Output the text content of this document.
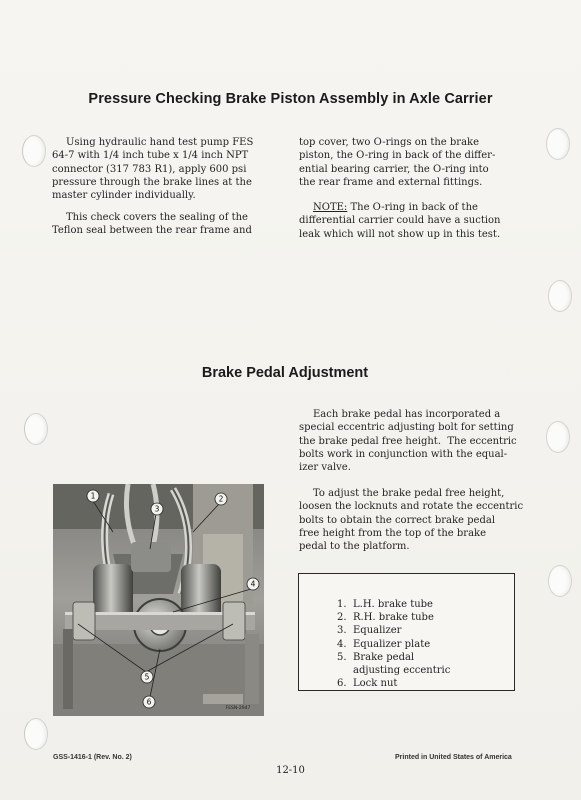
Pressure Checking Brake Piston Assembly in Axle Carrier

Using hydraulic hand test pump FES

64-7 with 1/4 inch tube x 1/4 inch NPT

connector (317 783 R1), apply 600 psi

pressure through the brake lines at the

master cylinder individually.

This check covers the sealing of the

Teflon seal between the rear frame and

top cover, two O-rings on the brake

piston, the O-ring in back of the differ-

ential bearing carrier, the O-ring into

the rear frame and external fittings.

NOTE: The O-ring in back of the

differential carrier could have a suction

leak which will not show up in this test.

Brake Pedal Adjustment

Each brake pedal has incorporated a

special eccentric adjusting bolt for setting

the brake pedal free height.  The eccentric

bolts work in conjunction with the equal-

izer valve.

To adjust the brake pedal free height,

loosen the locknuts and rotate the eccentric

bolts to obtain the correct brake pedal

free height from the top of the brake

pedal to the platform.

1	2
3
4
5
6
FESN-2947
1. L.H. brake tube
2. R.H. brake tube
3. Equalizer
4. Equalizer plate
5. Brake pedal
adjusting eccentric
6. Lock nut
GSS-1416-1 (Rev. No. 2)	Printed in United States of America
12-10
